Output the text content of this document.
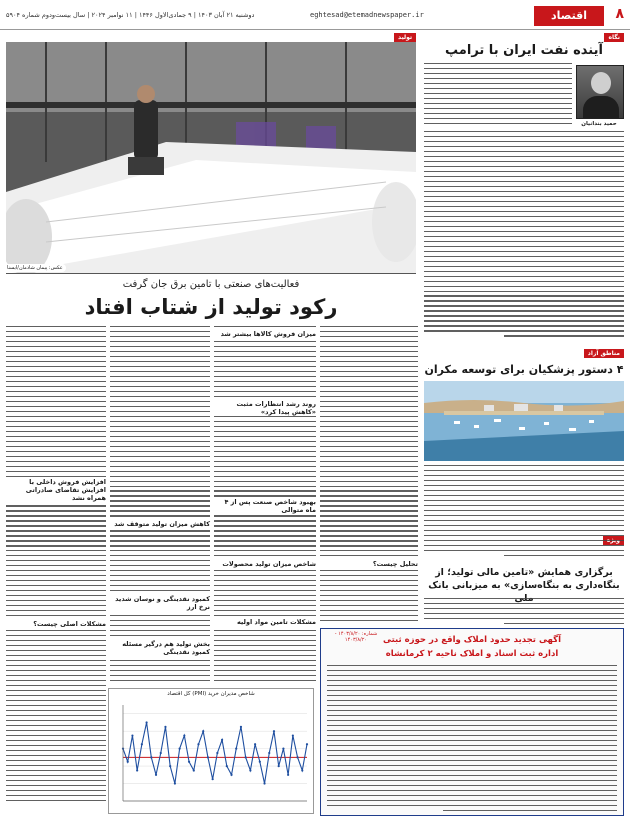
۸
اقتصاد
eghtesad@etemadnewspaper.ir
دوشنبه ۲۱ آبان ۱۴۰۳ | ۹ جمادی‌الاول ۱۴۴۶ | ۱۱ نوامبر ۲۰۲۴ | سال بیست‌ودوم شماره ۵۹۰۴
نگاه
تولید
مناطق آزاد
آینده نفت ایران با ترامپ
حمید بندانیان
۴ دستور پزشکیان برای توسعه مکران
برگزاری همایش «تامین مالی تولید؛ از بنگاه‌داری به بنگاه‌سازی» به میزبانی بانک
عکس: پیمان شادمان/ایسنا
فعالیت‌های صنعتی با تامین برق جان گرفت
رکود تولید از شتاب افتاد
میزان فروش کالاها بیشتر شد
روند رشد انتظارات مثبت «کاهش پیدا کرد»
بهبود شاخص صنعت پس از ۴ ماه متوالی
شاخص میزان تولید محصولات
کمبود نقدینگی و نوسان شدید نرخ ارز
مشکلات تامین مواد اولیه
افزایش فروش داخلی با افزایش تقاضای صادراتی همراه نشد
مشکلات اصلی چیست؟
تحلیل چیست؟
کاهش میزان تولید متوقف شد
بخش تولید هم درگیر مسئله کمبود نقدینگی
شاخص مدیران خرید (PMI) کل اقتصاد
شماره: ۱۴۰۳/۸/۲۰ - ۱۴۰۳/۸/۲۰	آگهی تجدید حدود املاک واقع در حوزه ثبتی
اداره ثبت اسناد و املاک ناحیه ۲ کرمانشاه
